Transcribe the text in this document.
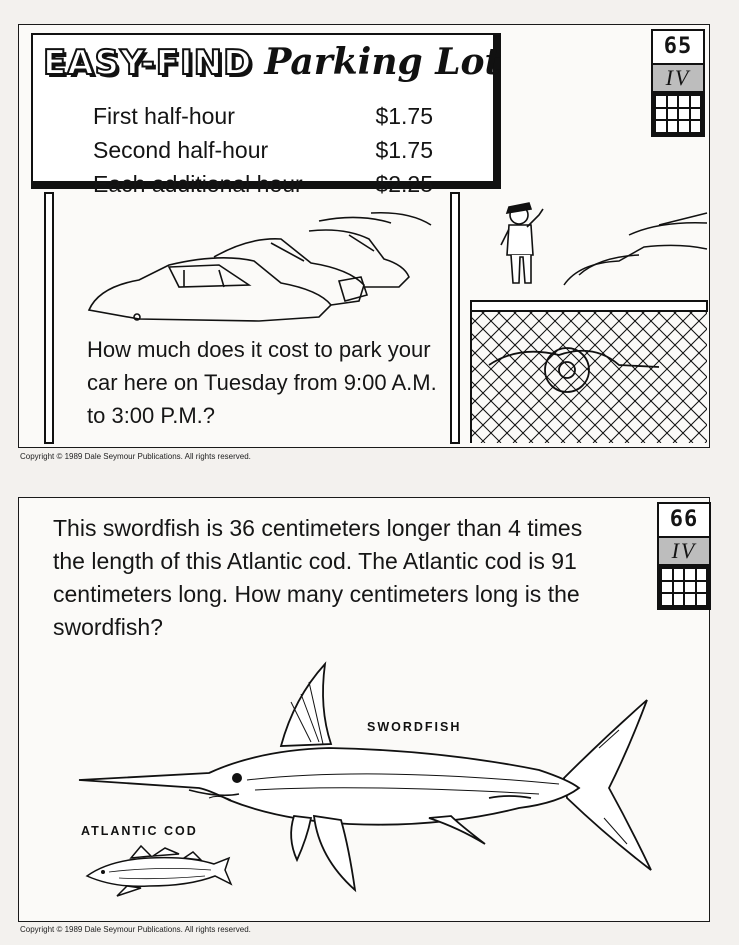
EASY-FIND Parking Lot
First half-hour	$1.75
Second half-hour	$1.75
Each additional hour	$2.25
65
IV
How much does it cost to park your car here on Tuesday from 9:00 A.M. to 3:00 P.M.?
Copyright © 1989 Dale Seymour Publications. All rights reserved.
This swordfish is 36 centimeters longer than 4 times the length of this Atlantic cod. The Atlantic cod is 91 centimeters long. How many centimeters long is the swordfish?
66
IV
SWORDFISH
ATLANTIC COD
Copyright © 1989 Dale Seymour Publications. All rights reserved.
